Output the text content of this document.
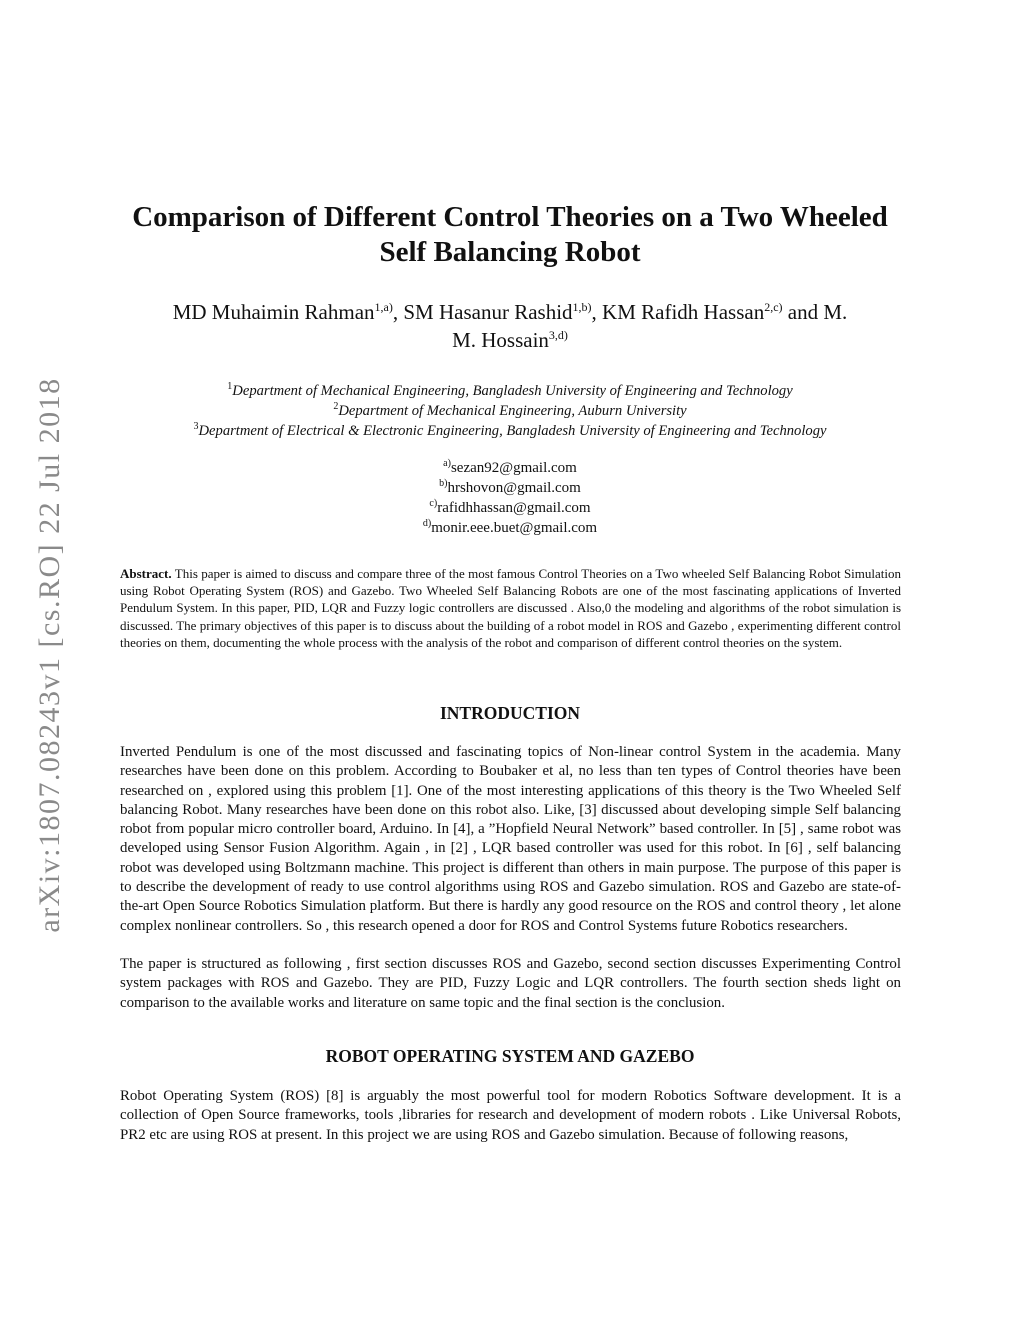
arXiv:1807.08243v1 [cs.RO] 22 Jul 2018
Comparison of Different Control Theories on a Two Wheeled
Self Balancing Robot

MD Muhaimin Rahman$^{1,a)}$, SM Hasanur Rashid$^{1,b)}$, KM Rafidh Hassan$^{2,c)}$ and M.
M. Hossain$^{3,d)}$

$^1$Department of Mechanical Engineering, Bangladesh University of Engineering and Technology
$^2$Department of Mechanical Engineering, Auburn University
$^3$Department of Electrical & Electronic Engineering, Bangladesh University of Engineering and Technology
$^{a)}$sezan92@gmail.com
$^{b)}$hrshovon@gmail.com
$^{c)}$rafidhhassan@gmail.com
$^{d)}$monir.eee.buet@gmail.com

Abstract. This paper is aimed to discuss and compare three of the most famous Control Theories on a Two wheeled Self Balancing Robot Simulation using Robot Operating System (ROS) and Gazebo. Two Wheeled Self Balancing Robots are one of the most fascinating applications of Inverted Pendulum System. In this paper, PID, LQR and Fuzzy logic controllers are discussed . Also,0 the modeling and algorithms of the robot simulation is discussed. The primary objectives of this paper is to discuss about the building of a robot model in ROS and Gazebo , experimenting different control theories on them, documenting the whole process with the analysis of the robot and comparison of different control theories on the system.

INTRODUCTION

Inverted Pendulum is one of the most discussed and fascinating topics of Non-linear control System in the academia. Many researches have been done on this problem. According to Boubaker et al, no less than ten types of Control theories have been researched on , explored using this problem [1]. One of the most interesting applications of this theory is the Two Wheeled Self balancing Robot. Many researches have been done on this robot also. Like, [3] discussed about developing simple Self balancing robot from popular micro controller board, Arduino. In [4], a ”Hopfield Neural Network” based controller. In [5] , same robot was developed using Sensor Fusion Algorithm. Again , in [2] , LQR based controller was used for this robot. In [6] , self balancing robot was developed using Boltzmann machine. This project is different than others in main purpose. The purpose of this paper is to describe the development of ready to use control algorithms using ROS and Gazebo simulation. ROS and Gazebo are state-of-the-art Open Source Robotics Simulation platform. But there is hardly any good resource on the ROS and control theory , let alone complex nonlinear controllers. So , this research opened a door for ROS and Control Systems future Robotics researchers.

The paper is structured as following , first section discusses ROS and Gazebo, second section discusses Experimenting Control system packages with ROS and Gazebo. They are PID, Fuzzy Logic and LQR controllers. The fourth section sheds light on comparison to the available works and literature on same topic and the final section is the conclusion.

ROBOT OPERATING SYSTEM AND GAZEBO

Robot Operating System (ROS) [8] is arguably the most powerful tool for modern Robotics Software development. It is a collection of Open Source frameworks, tools ,libraries for research and development of modern robots . Like Universal Robots, PR2 etc are using ROS at present. In this project we are using ROS and Gazebo simulation. Because of following reasons,
